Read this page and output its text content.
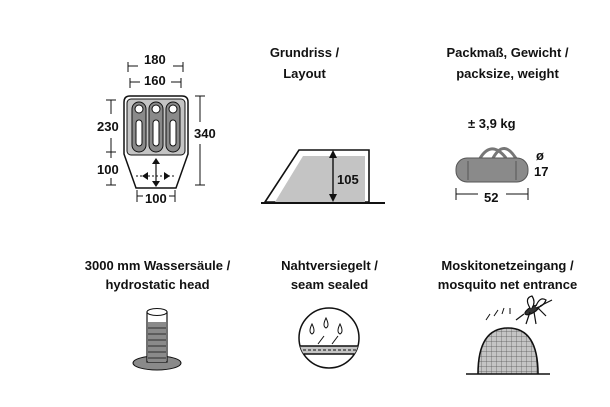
180
160
230	340
100
100
Grundriss /
Layout
105
Packmaß, Gewicht /
packsize, weight
± 3,9 kg
ø
17
52
3000 mm Wassersäule /
hydrostatic head
Nahtversiegelt /
seam sealed
Moskitonetzeingang /
mosquito net entrance
